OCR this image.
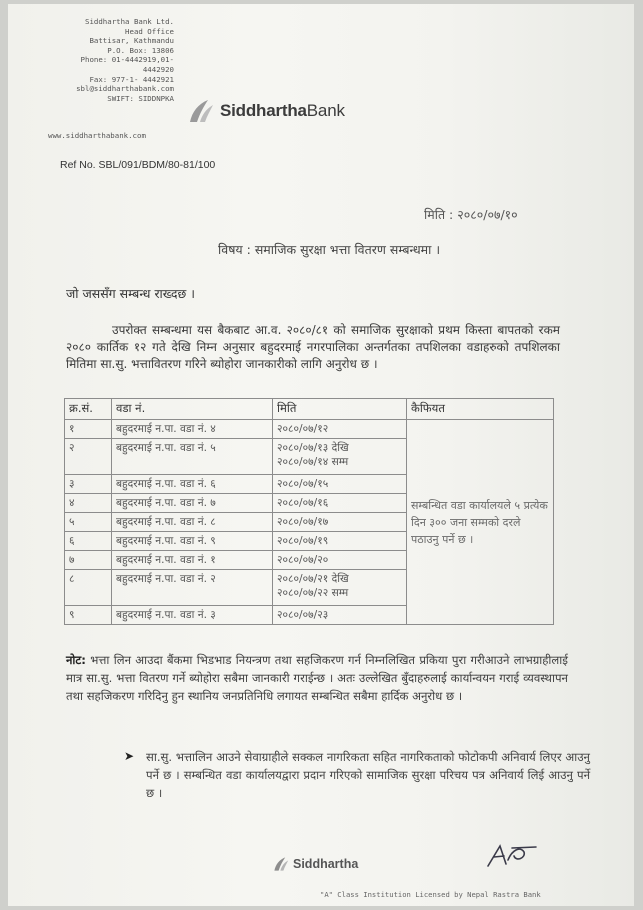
Siddhartha Bank Ltd.
Head Office
Battisar, Kathmandu
P.O. Box: 13806
Phone: 01-4442919,01-
4442920
Fax: 977-1- 4442921
sbl@siddharthabank.com
SWIFT: SIDDNPKA
www.siddharthabank.com
SiddharthaBank
Ref No. SBL/091/BDM/80-81/100
मिति : २०८०/०७/१०
विषय : समाजिक सुरक्षा भत्ता वितरण सम्बन्धमा ।
जो जससँग सम्बन्ध राख्दछ ।
उपरोक्त सम्बन्धमा यस बैकबाट आ.व. २०८०/८१ को समाजिक सुरक्षाको प्रथम किस्ता बापतको रकम २०८० कार्तिक १२ गते देखि निम्न अनुसार बहुदरमाई नगरपालिका अन्तर्गतका तपशिलका वडाहरुको तपशिलका मितिमा सा.सु. भत्तावितरण गरिने ब्योहोरा जानकारीको लागि अनुरोध छ ।
क्र.सं.	वडा नं.	मिति	कैफियत
१	बहुदरमाई न.पा. वडा नं. ४	२०८०/०७/१२	सम्बन्धित वडा कार्यालयले ५ प्रत्येक दिन ३०० जना सम्मको दरले पठाउनु पर्ने छ ।
२	बहुदरमाई न.पा. वडा नं. ५	२०८०/०७/१३ देखि
२०८०/०७/१४ सम्म	

३	बहुदरमाई न.पा. वडा नं. ६	२०८०/०७/१५	
४	बहुदरमाई न.पा. वडा नं. ७	२०८०/०७/१६	
५	बहुदरमाई न.पा. वडा नं. ८	२०८०/०७/१७	
६	बहुदरमाई न.पा. वडा नं. ९	२०८०/०७/१९	
७	बहुदरमाई न.पा. वडा नं. १	२०८०/०७/२०	
८	बहुदरमाई न.पा. वडा नं. २	२०८०/०७/२१ देखि
२०८०/०७/२२ सम्म	

९	बहुदरमाई न.पा. वडा नं. ३	२०८०/०७/२३	
नोट: भत्ता लिन आउदा बैंकमा भिडभाड नियन्त्रण तथा सहजिकरण गर्न निम्नलिखित प्रकिया पुरा गरीआउने लाभग्राहीलाई मात्र सा.सु. भत्ता वितरण गर्ने ब्योहोरा सबैमा जानकारी गराईन्छ । अतः उल्लेखित बुँदाहरुलाई कार्यान्वयन गराई व्यवस्थापन तथा सहजिकरण गरिदिनु हुन स्थानिय जनप्रतिनिधि लगायत सम्बन्धित सबैमा हार्दिक अनुरोध छ ।
➤ सा.सु. भत्तालिन आउने सेवाग्राहीले सक्कल नागरिकता सहित नागरिकताको फोटोकपी अनिवार्य लिएर आउनु पर्ने छ । सम्बन्धित वडा कार्यालयद्वारा प्रदान गरिएको सामाजिक सुरक्षा परिचय पत्र अनिवार्य लिई आउनु पर्ने छ ।
Siddhartha
"A" Class Institution Licensed by Nepal Rastra Bank
